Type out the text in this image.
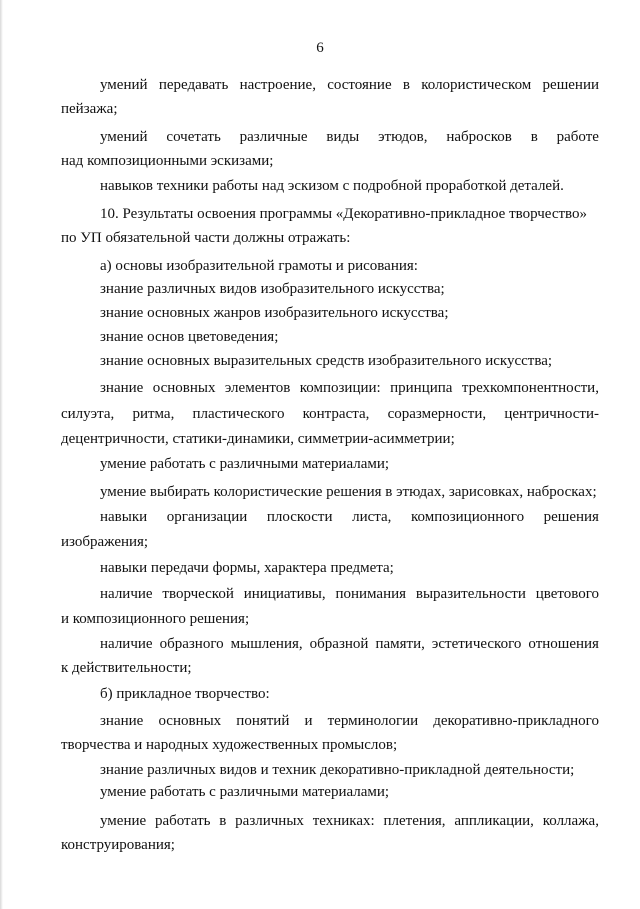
6
умений передавать настроение, состояние в колористическом решении
пейзажа;
умений сочетать различные виды этюдов, набросков в работе
над композиционными эскизами;
навыков техники работы над эскизом с подробной проработкой деталей.
10. Результаты освоения программы «Декоративно-прикладное творчество»
по УП обязательной части должны отражать:
а) основы изобразительной грамоты и рисования:
знание различных видов изобразительного искусства;
знание основных жанров изобразительного искусства;
знание основ цветоведения;
знание основных выразительных средств изобразительного искусства;
знание основных элементов композиции: принципа трехкомпонентности,
силуэта, ритма, пластического контраста, соразмерности, центричности-
децентричности, статики-динамики, симметрии-асимметрии;
умение работать с различными материалами;
умение выбирать колористические решения в этюдах, зарисовках, набросках;
навыки организации плоскости листа, композиционного решения
изображения;
навыки передачи формы, характера предмета;
наличие творческой инициативы, понимания выразительности цветового
и композиционного решения;
наличие образного мышления, образной памяти, эстетического отношения
к действительности;
б) прикладное творчество:
знание основных понятий и терминологии декоративно-прикладного
творчества и народных художественных промыслов;
знание различных видов и техник декоративно-прикладной деятельности;
умение работать с различными материалами;
умение работать в различных техниках: плетения, аппликации, коллажа,
конструирования;
